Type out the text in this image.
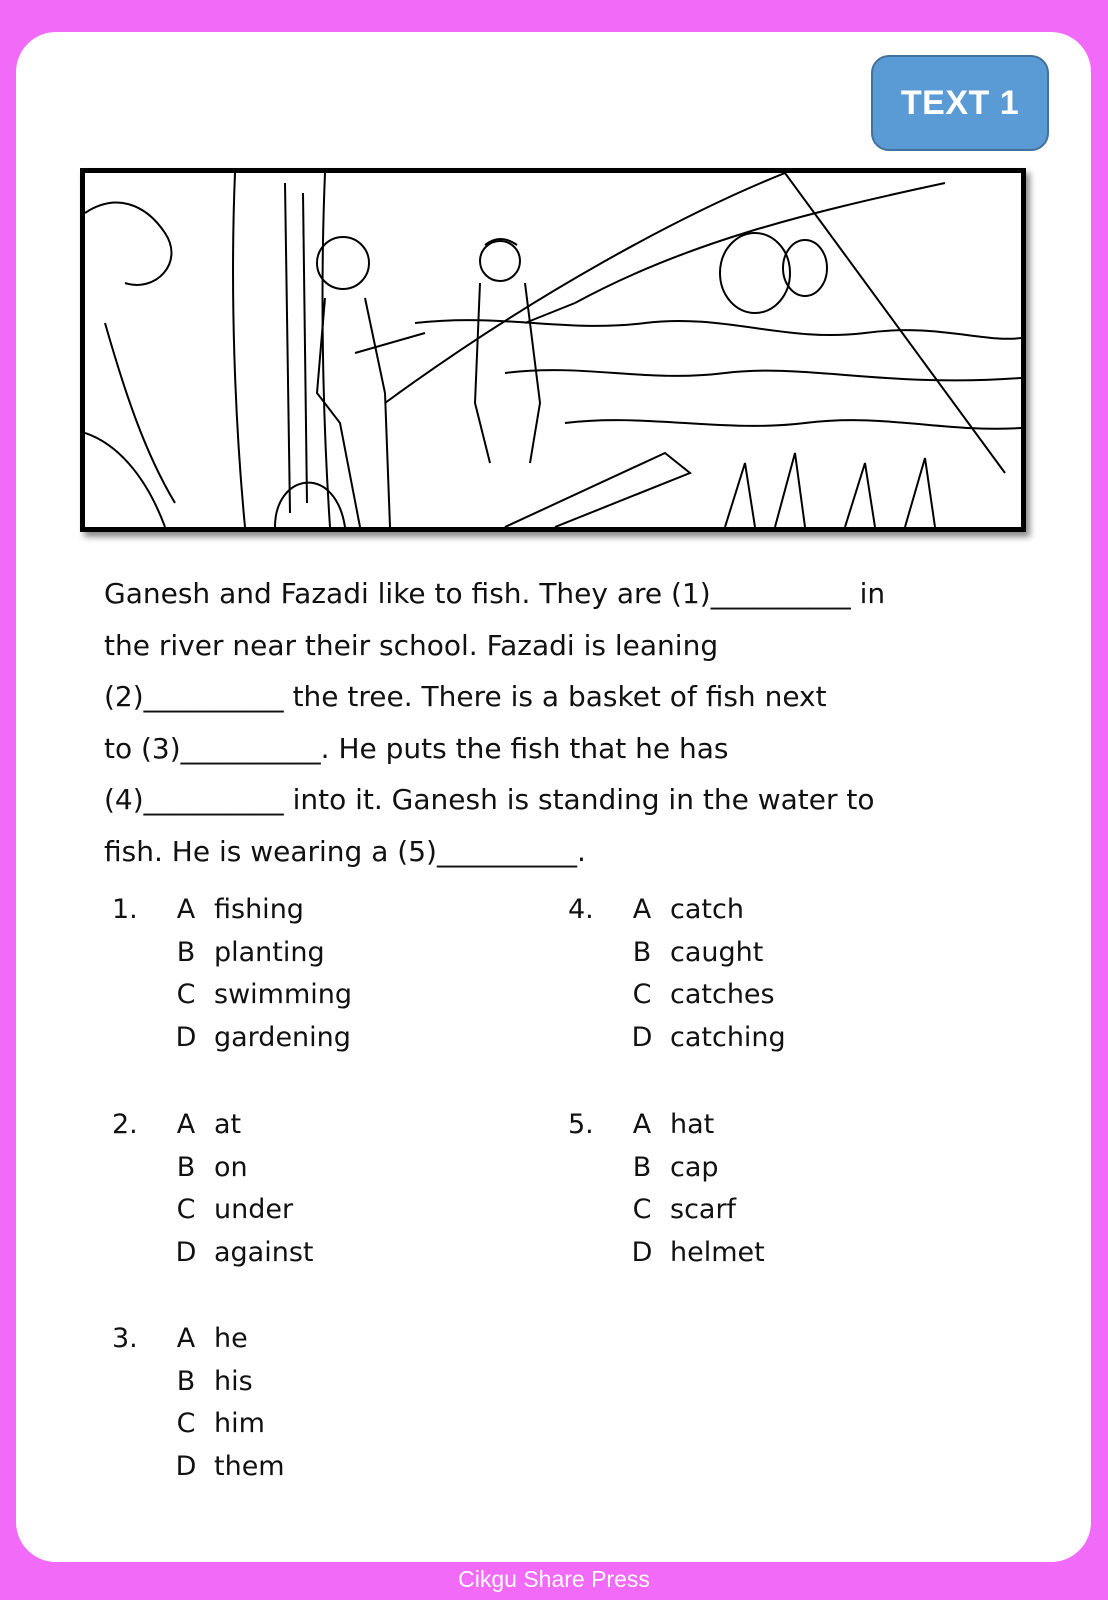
TEXT 1
Ganesh and Fazadi like to fish. They are (1)__________ in
the river near their school. Fazadi is leaning
(2)__________ the tree. There is a basket of fish next
to (3)__________. He puts the fish that he has
(4)__________ into it. Ganesh is standing in the water to
fish. He is wearing a (5)__________.
1.	A fishing
B planting
C swimming
D gardening
2.	A at
B on
C under
D against
3.	A he
B his
C him
D them
4.	A catch
B caught
C catches
D catching
5.	A hat
B cap
C scarf
D helmet
Cikgu Share Press
